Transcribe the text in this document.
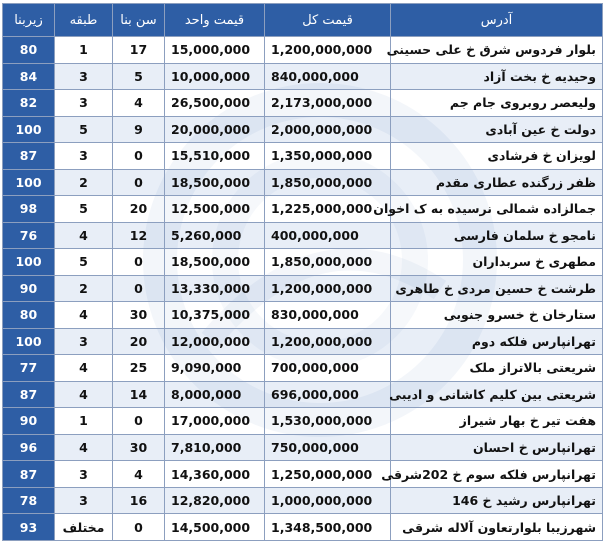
آدرس	قیمت کل	قیمت واحد	سن بنا	طبقه	زیربنا
بلوار فردوس شرق خ علی حسینی	1,200,000,000	15,000,000	17	1	80
وحیدیه خ بخت آزاد	840,000,000	10,000,000	5	3	84
ولیعصر روبروی جام جم	2,173,000,000	26,500,000	4	3	82
دولت خ عین آبادی	2,000,000,000	20,000,000	9	5	100
لویزان خ فرشادی	1,350,000,000	15,510,000	0	3	87
ظفر زرگنده عطاری مقدم	1,850,000,000	18,500,000	0	2	100
جمالزاده شمالی نرسیده به ک اخوان	1,225,000,000	12,500,000	20	5	98
نامجو خ سلمان فارسی	400,000,000	5,260,000	12	4	76
مطهری خ سربداران	1,850,000,000	18,500,000	0	5	100
طرشت خ حسین مردی خ طاهری	1,200,000,000	13,330,000	0	2	90
ستارخان خ خسرو جنوبی	830,000,000	10,375,000	30	4	80
تهرانپارس فلکه دوم	1,200,000,000	12,000,000	20	3	100
شریعتی بالاتراز ملک	700,000,000	9,090,000	25	4	77
شریعتی بین کلیم کاشانی و ادیبی	696,000,000	8,000,000	14	4	87
هفت تیر خ بهار شیراز	1,530,000,000	17,000,000	0	1	90
تهرانپارس خ احسان	750,000,000	7,810,000	30	4	96
تهرانپارس فلکه سوم خ 202شرقی	1,250,000,000	14,360,000	4	3	87
تهرانپارس رشید خ 146	1,000,000,000	12,820,000	16	3	78
شهرزیبا بلوارتعاون آلاله شرقی	1,348,500,000	14,500,000	0	مختلف	93
